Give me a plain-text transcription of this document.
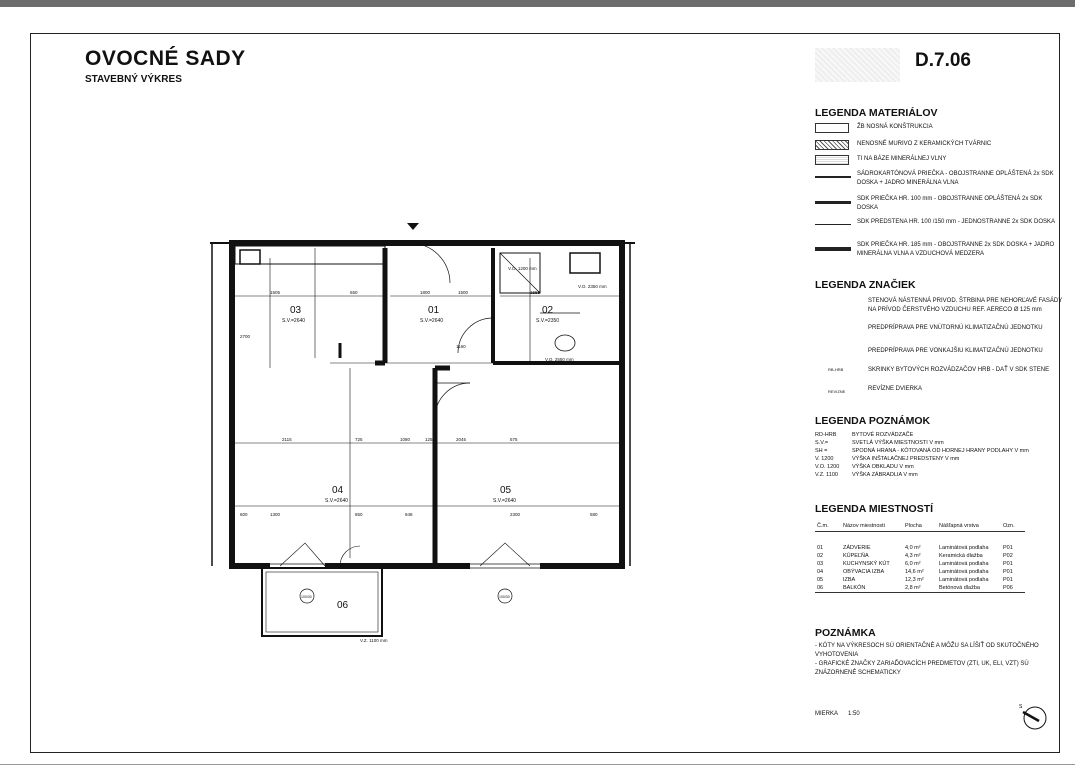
OVOCNÉ SADY
STAVEBNÝ VÝKRES
D.7.06
03
S.V.=2640
01
S.V.=2640
02
S.V.=2350
04
S.V.=2640
05
S.V.=2640
06
1505	650	1800	1500	1555
2700
2115	725	1080	125	2045	575
1160
1300	948
850	2300	580
600
V.O. 1200 mm
V.O. 2350 mm
V.O. 2550 mm
V.Z. 1100 mm
100/30	100/30
LEGENDA MATERIÁLOV
ŽB NOSNÁ KONŠTRUKCIA
NENOSNÉ MURIVO Z KERAMICKÝCH TVÁRNIC
TI NA BÁZE MINERÁLNEJ VLNY
SÁDROKARTÓNOVÁ PRIEČKA - OBOJSTRANNE OPLÁŠTENÁ 2x SDK DOSKA + JADRO MINERÁLNA VLNA
SDK PRIEČKA HR. 100 mm - OBOJSTRANNE OPLÁŠTENÁ 2x SDK DOSKA
SDK PREDSTENA HR. 100 /150 mm - JEDNOSTRANNE 2x SDK DOSKA
SDK PRIEČKA HR. 185 mm - OBOJSTRANNE 2x SDK DOSKA + JADRO MINERÁLNA VLNA A VZDUCHOVÁ MEDZERA
LEGENDA ZNAČIEK
STENOVÁ NÁSTENNÁ PRIVOD. ŠTRBINA PRE NEHORĽAVÉ FASÁDY NA PRÍVOD ČERSTVÉHO VZDUCHU REF. AERECO Ø 125 mm
PREDPRÍPRAVA PRE VNÚTORNÚ KLIMATIZAČNÚ JEDNOTKU
PREDPRÍPRAVA PRE VONKAJŠIU KLIMATIZAČNÚ JEDNOTKU
RB-HRB	SKRINKY BYTOVÝCH ROZVÁDZAČOV HRB - DAŤ V SDK STENE
REVIZNE	REVÍZNE DVIERKA
LEGENDA POZNÁMOK
RD-HRB	BYTOVÉ ROZVÁDZAČE
S.V.=	SVETLÁ VÝŠKA MIESTNOSTI V mm
SH =	SPODNÁ HRANA - KÓTOVANÁ OD HORNEJ HRANY PODLAHY V mm
V. 1200	VÝŠKA INŠTALAČNEJ PREDSTENY V mm
V.O. 1200 VÝŠKA OBKLADU V mm
V.Z. 1100	VÝŠKA ZÁBRADLIA V mm
LEGENDA MIESTNOSTÍ
Č.m.	Názov miestnosti	Plocha	Nášľapná vrstva	Ozn.

01	ZÁDVERIE	4,0 m²	Laminátová podlaha	P01
02	KÚPEĽŇA	4,3 m²	Keramická dlažba	P02
03	KUCHYNSKÝ KÚT	6,0 m²	Laminátová podlaha	P01
04	OBÝVACIA IZBA	14,6 m²	Laminátová podlaha	P01
05	IZBA	12,3 m²	Laminátová podlaha	P01
06	BALKÓN	2,8 m²	Betónová dlažba	P06
POZNÁMKA
- KÓTY NA VÝKRESOCH SÚ ORIENTAČNÉ A MÔŽU SA LÍŠIŤ OD SKUTOČNÉHO VYHOTOVENIA
- GRAFICKÉ ZNAČKY ZARIAĎOVACÍCH PREDMETOV (ZTI, UK, ELI, VZT) SÚ ZNÁZORNENÉ SCHEMATICKY
MIERKA 1:50
S
